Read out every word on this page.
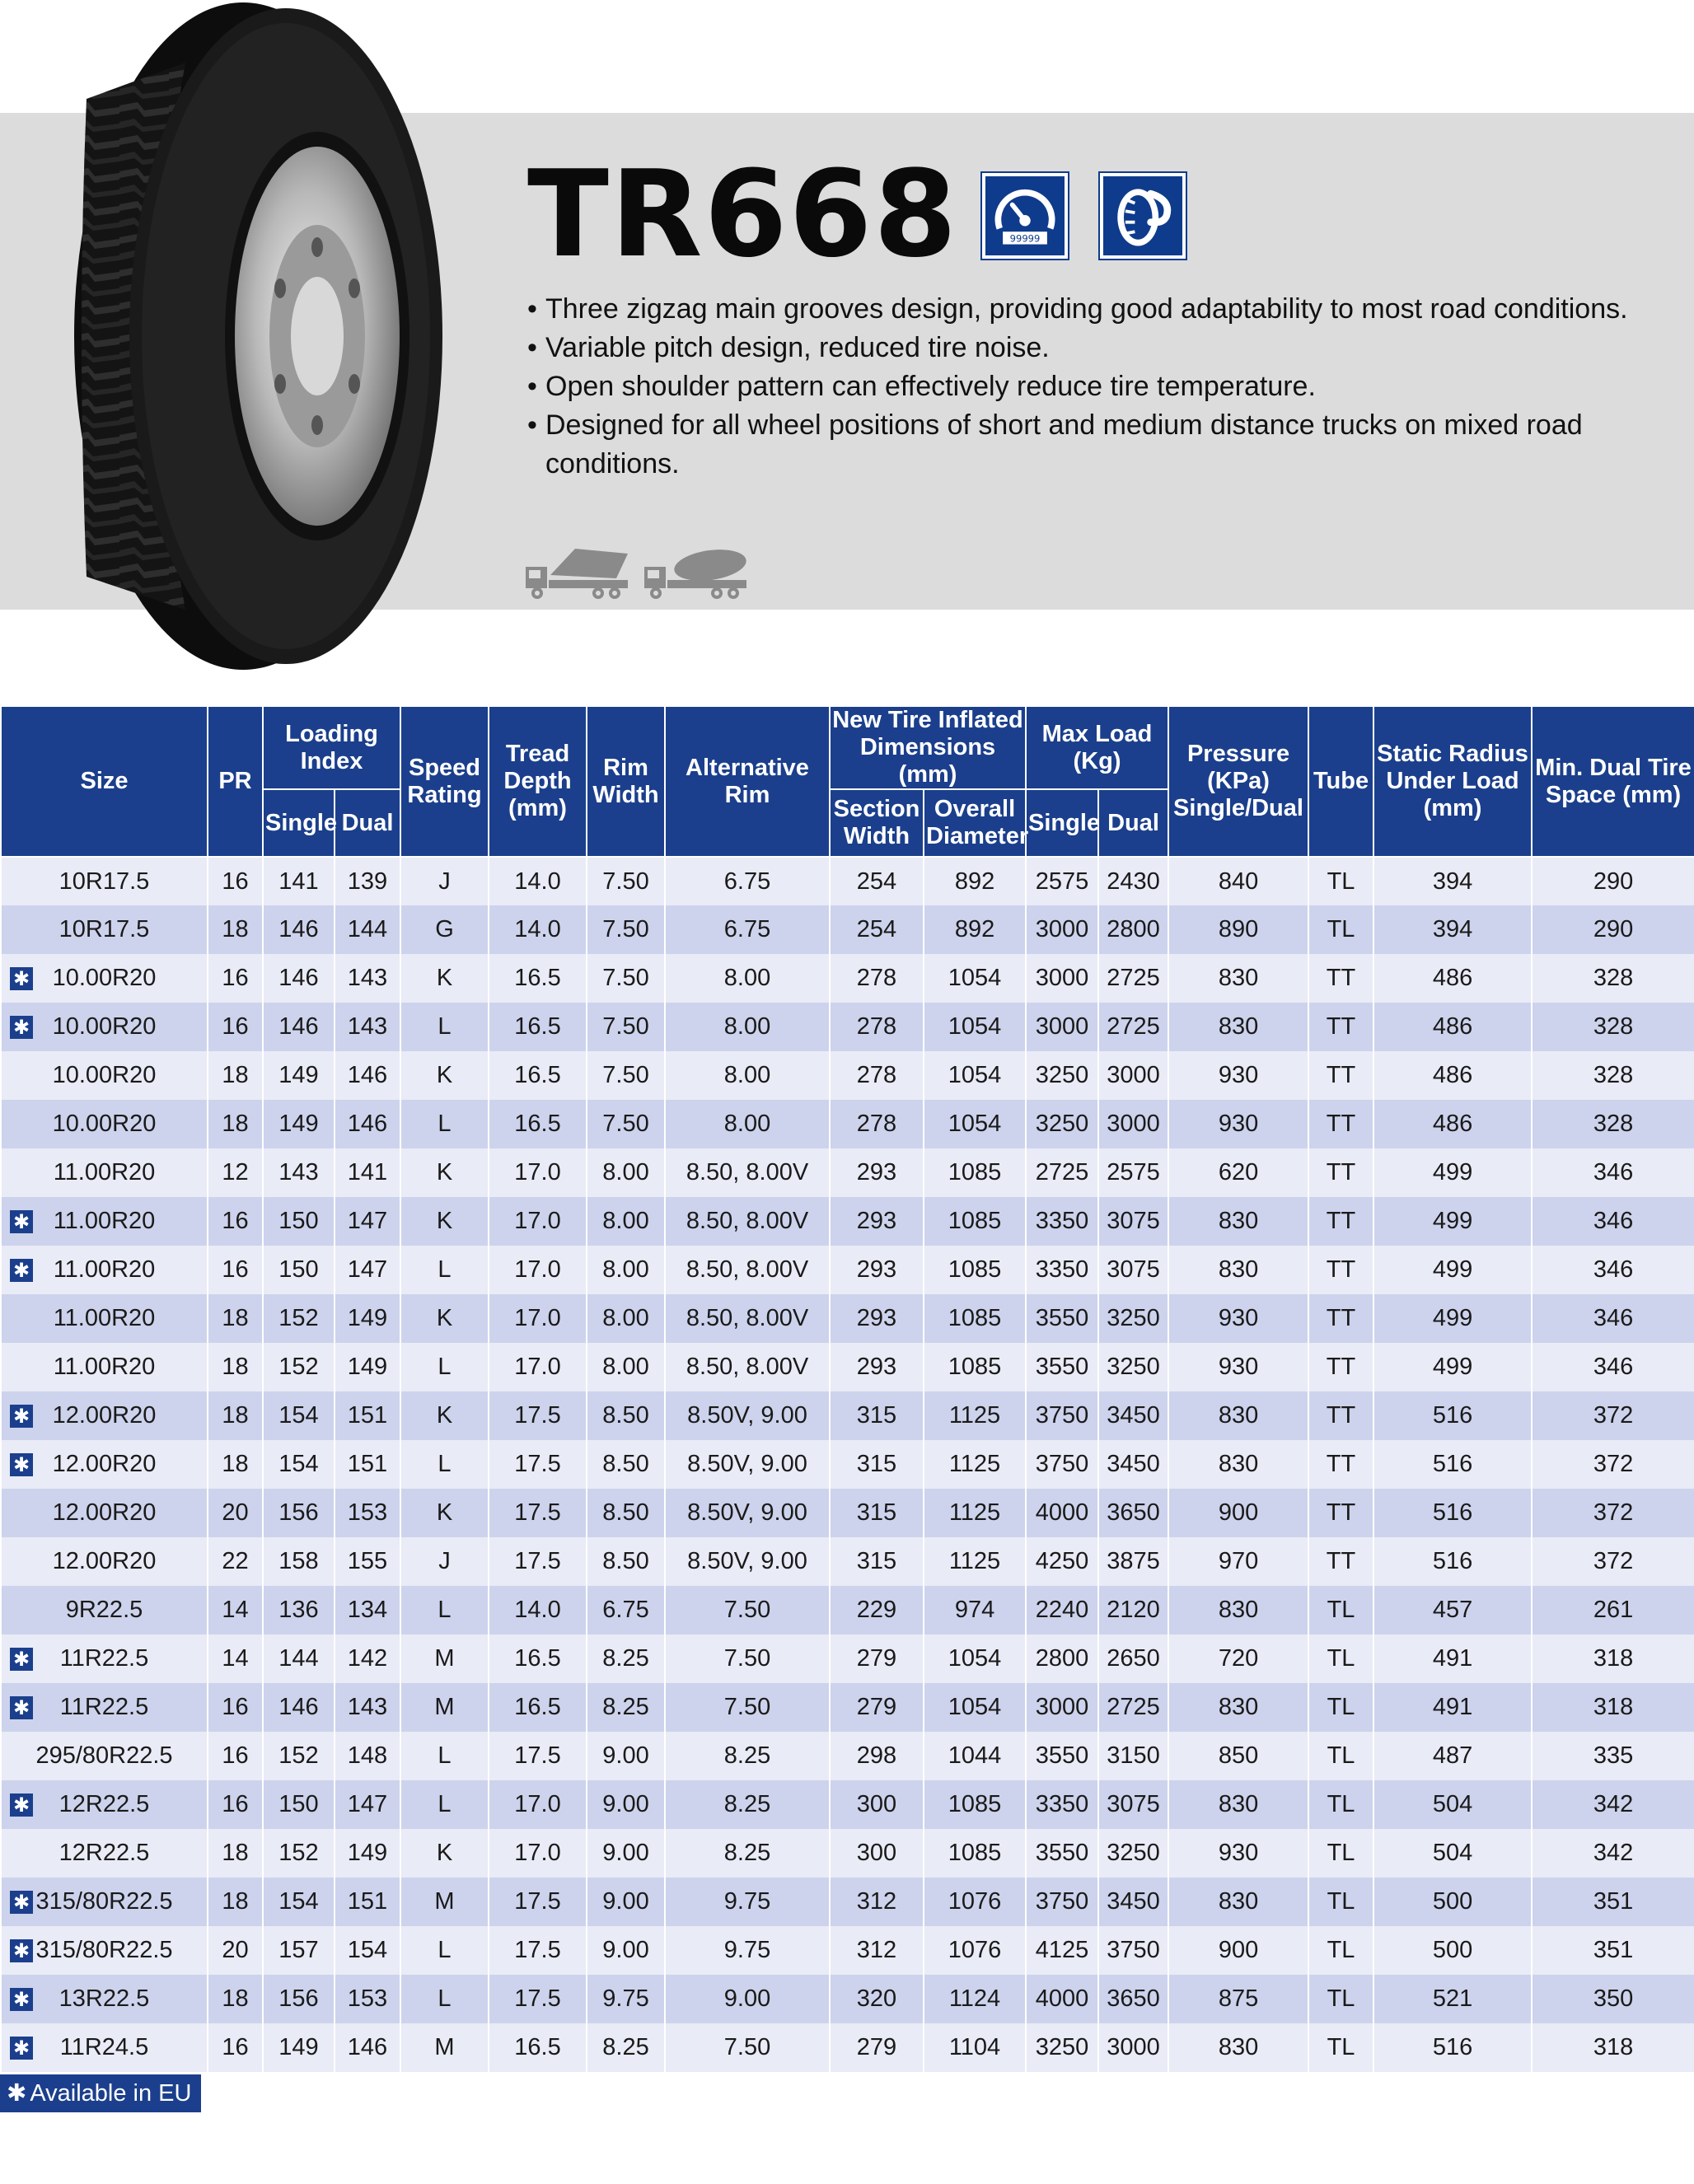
TR668	99999
• Three zigzag main grooves design, providing good adaptability to most road conditions.
• Variable pitch design, reduced tire noise.
• Open shoulder pattern can effectively reduce tire temperature.
• Designed for all wheel positions of short and medium distance trucks on mixed road conditions.
Size	PR	Loading Index		Speed Rating	Tread Depth (mm)	Rim Width	Alternative Rim	New Tire Inflated Dimensions (mm)		Max Load (Kg)		Pressure (KPa) Single/Dual	Tube	Static Radius Under Load (mm)	Min. Dual Tire Space (mm)
		Single	Dual					Section Width	Overall Diameter	Single	Dual				
10R17.5	16	141	139	J	14.0	7.50	6.75	254	892	2575	2430	840	TL	394	290
10R17.5	18	146	144	G	14.0	7.50	6.75	254	892	3000	2800	890	TL	394	290

✱ 10.00R20	16	146	143	K	16.5	7.50	8.00	278	1054	3000	2725	830	TT	486	328

✱ 10.00R20	16	146	143	L	16.5	7.50	8.00	278	1054	3000	2725	830	TT	486	328
10.00R20	18	149	146	K	16.5	7.50	8.00	278	1054	3250	3000	930	TT	486	328
10.00R20	18	149	146	L	16.5	7.50	8.00	278	1054	3250	3000	930	TT	486	328
11.00R20	12	143	141	K	17.0	8.00	8.50, 8.00V	293	1085	2725	2575	620	TT	499	346

✱ 11.00R20	16	150	147	K	17.0	8.00	8.50, 8.00V	293	1085	3350	3075	830	TT	499	346

✱ 11.00R20	16	150	147	L	17.0	8.00	8.50, 8.00V	293	1085	3350	3075	830	TT	499	346
11.00R20	18	152	149	K	17.0	8.00	8.50, 8.00V	293	1085	3550	3250	930	TT	499	346
11.00R20	18	152	149	L	17.0	8.00	8.50, 8.00V	293	1085	3550	3250	930	TT	499	346

✱ 12.00R20	18	154	151	K	17.5	8.50	8.50V, 9.00	315	1125	3750	3450	830	TT	516	372

✱ 12.00R20	18	154	151	L	17.5	8.50	8.50V, 9.00	315	1125	3750	3450	830	TT	516	372
12.00R20	20	156	153	K	17.5	8.50	8.50V, 9.00	315	1125	4000	3650	900	TT	516	372
12.00R20	22	158	155	J	17.5	8.50	8.50V, 9.00	315	1125	4250	3875	970	TT	516	372
9R22.5	14	136	134	L	14.0	6.75	7.50	229	974	2240	2120	830	TL	457	261

✱ 11R22.5	14	144	142	M	16.5	8.25	7.50	279	1054	2800	2650	720	TL	491	318

✱ 11R22.5	16	146	143	M	16.5	8.25	7.50	279	1054	3000	2725	830	TL	491	318
295/80R22.5	16	152	148	L	17.5	9.00	8.25	298	1044	3550	3150	850	TL	487	335

✱ 12R22.5	16	150	147	L	17.0	9.00	8.25	300	1085	3350	3075	830	TL	504	342
12R22.5	18	152	149	K	17.0	9.00	8.25	300	1085	3550	3250	930	TL	504	342

✱ 315/80R22.5	18	154	151	M	17.5	9.00	9.75	312	1076	3750	3450	830	TL	500	351

✱ 315/80R22.5	20	157	154	L	17.5	9.00	9.75	312	1076	4125	3750	900	TL	500	351

✱ 13R22.5	18	156	153	L	17.5	9.75	9.00	320	1124	4000	3650	875	TL	521	350

✱ 11R24.5	16	149	146	M	16.5	8.25	7.50	279	1104	3250	3000	830	TL	516	318
✱ Available in EU
